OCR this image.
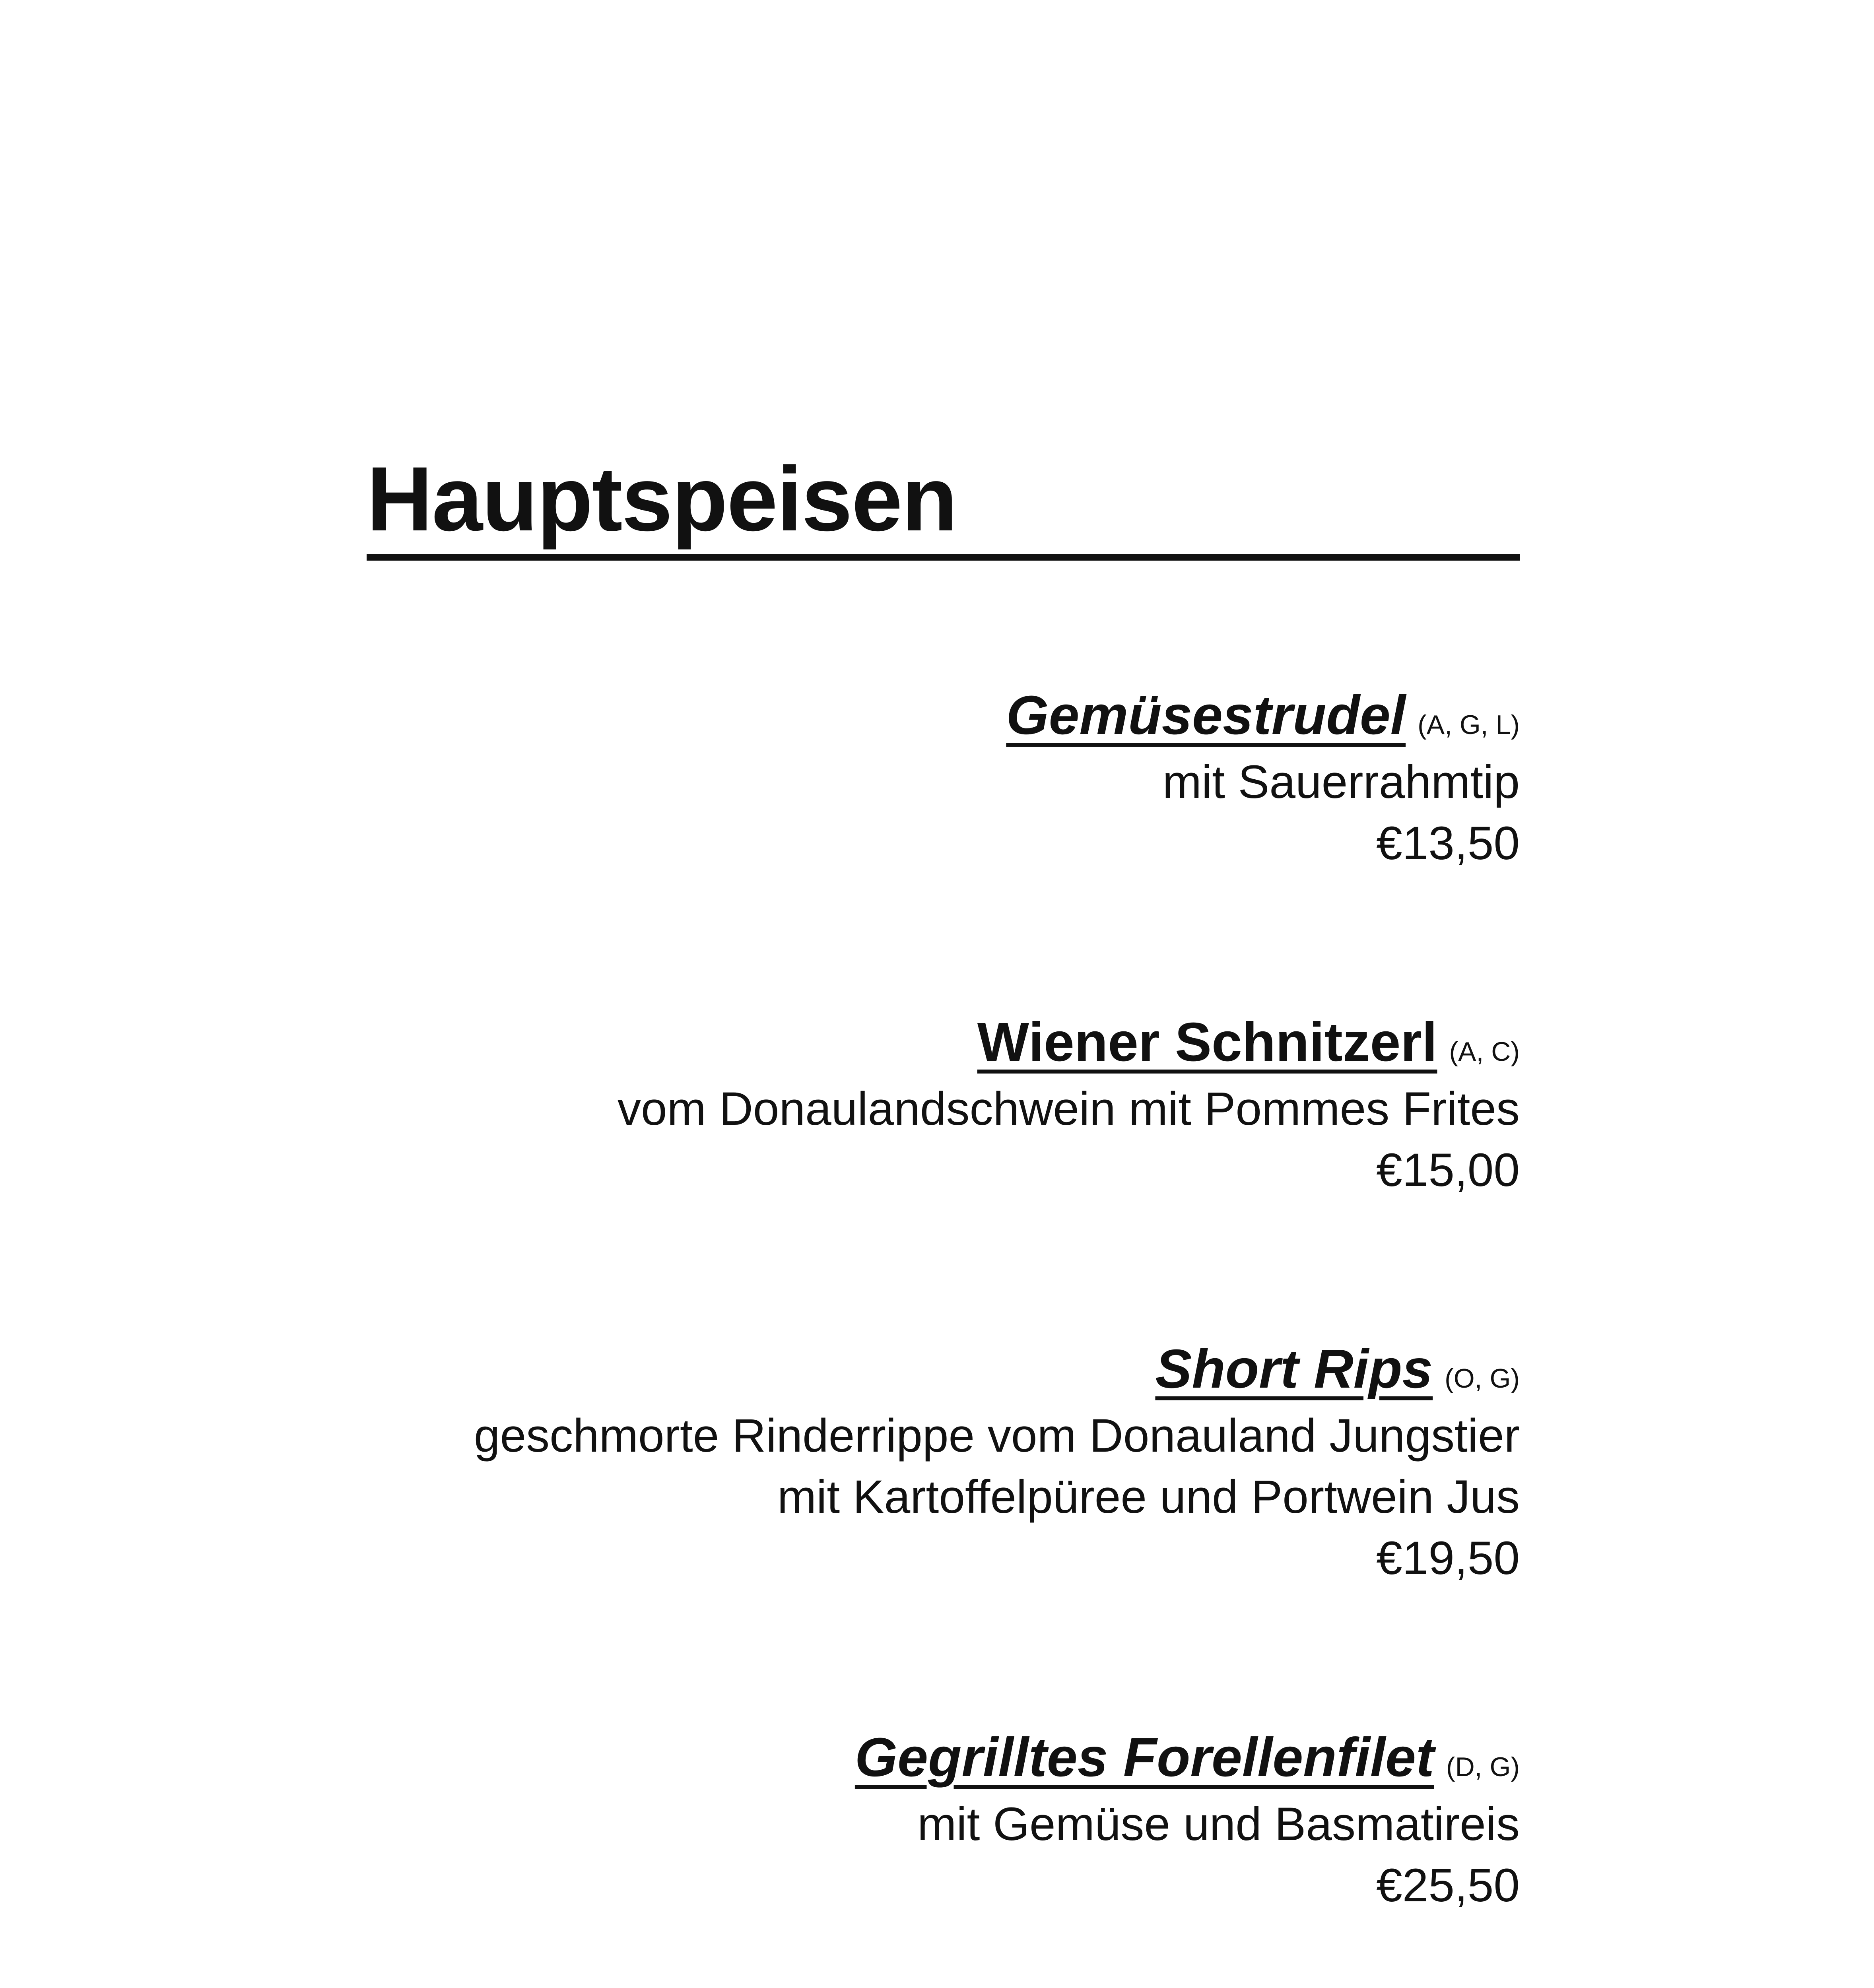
Hauptspeisen
Gemüsestrudel (A, G, L)
mit Sauerrahmtip
€13,50
Wiener Schnitzerl (A, C)
vom Donaulandschwein mit Pommes Frites
€15,00
Short Rips (O, G)
geschmorte Rinderrippe vom Donauland Jungstier
mit Kartoffelpüree und Portwein Jus
€19,50
Gegrilltes Forellenfilet (D, G)
mit Gemüse und Basmatireis
€25,50
